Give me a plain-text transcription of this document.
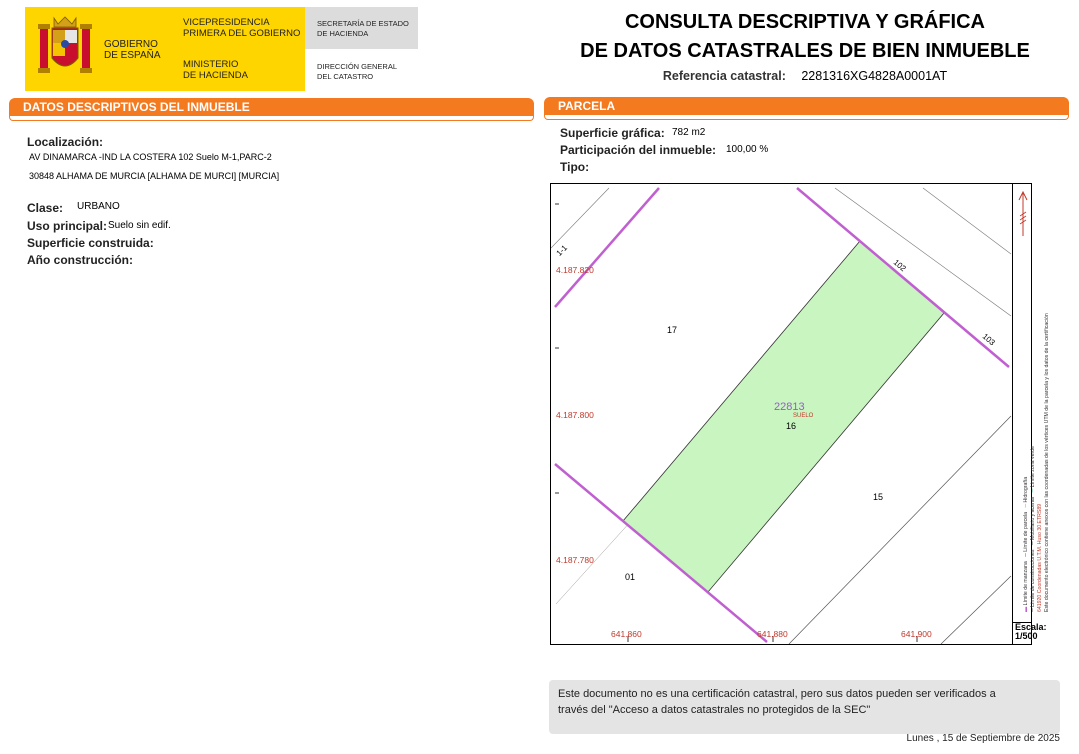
GOBIERNO
DE ESPAÑA
VICEPRESIDENCIA
PRIMERA DEL GOBIERNO
MINISTERIO
DE HACIENDA
SECRETARÍA DE ESTADO
DE HACIENDA
DIRECCIÓN GENERAL
DEL CATASTRO
CONSULTA DESCRIPTIVA Y GRÁFICA
DE DATOS CATASTRALES DE BIEN INMUEBLE
Referencia catastral: 2281316XG4828A0001AT
DATOS DESCRIPTIVOS DEL INMUEBLE
Localización:
AV DINAMARCA -IND LA COSTERA 102 Suelo M-1,PARC-2
30848 ALHAMA DE MURCIA [ALHAMA DE MURCI] [MURCIA]
Clase: URBANO
Uso principal: Suelo sin edif.
Superficie construida:
Año construcción:
PARCELA
Superficie gráfica: 782 m2
Participación del inmueble: 100,00 %
Tipo:
4.187.820
4.187.800
4.187.780
641.860	641.880	641.900
22813
SUELO
16
17
15
01
102
103
1-1
▬ Límite de manzana   ─ Límite de parcela   ─ Hidrografía
─ Límite de construcciones   ─ Mobiliario y aceras   ─ Límite zona verde
641920 Coordenadas U.T.M. Huso 30 ETRS89 Este documento electrónico contiene anexos con las coordenadas de los vértices UTM de la parcela y los datos de la certificación
Escala:
1/500
Este documento no es una certificación catastral, pero sus datos pueden ser verificados a
través del "Acceso a datos catastrales no protegidos de la SEC"
Lunes , 15 de Septiembre de 2025
